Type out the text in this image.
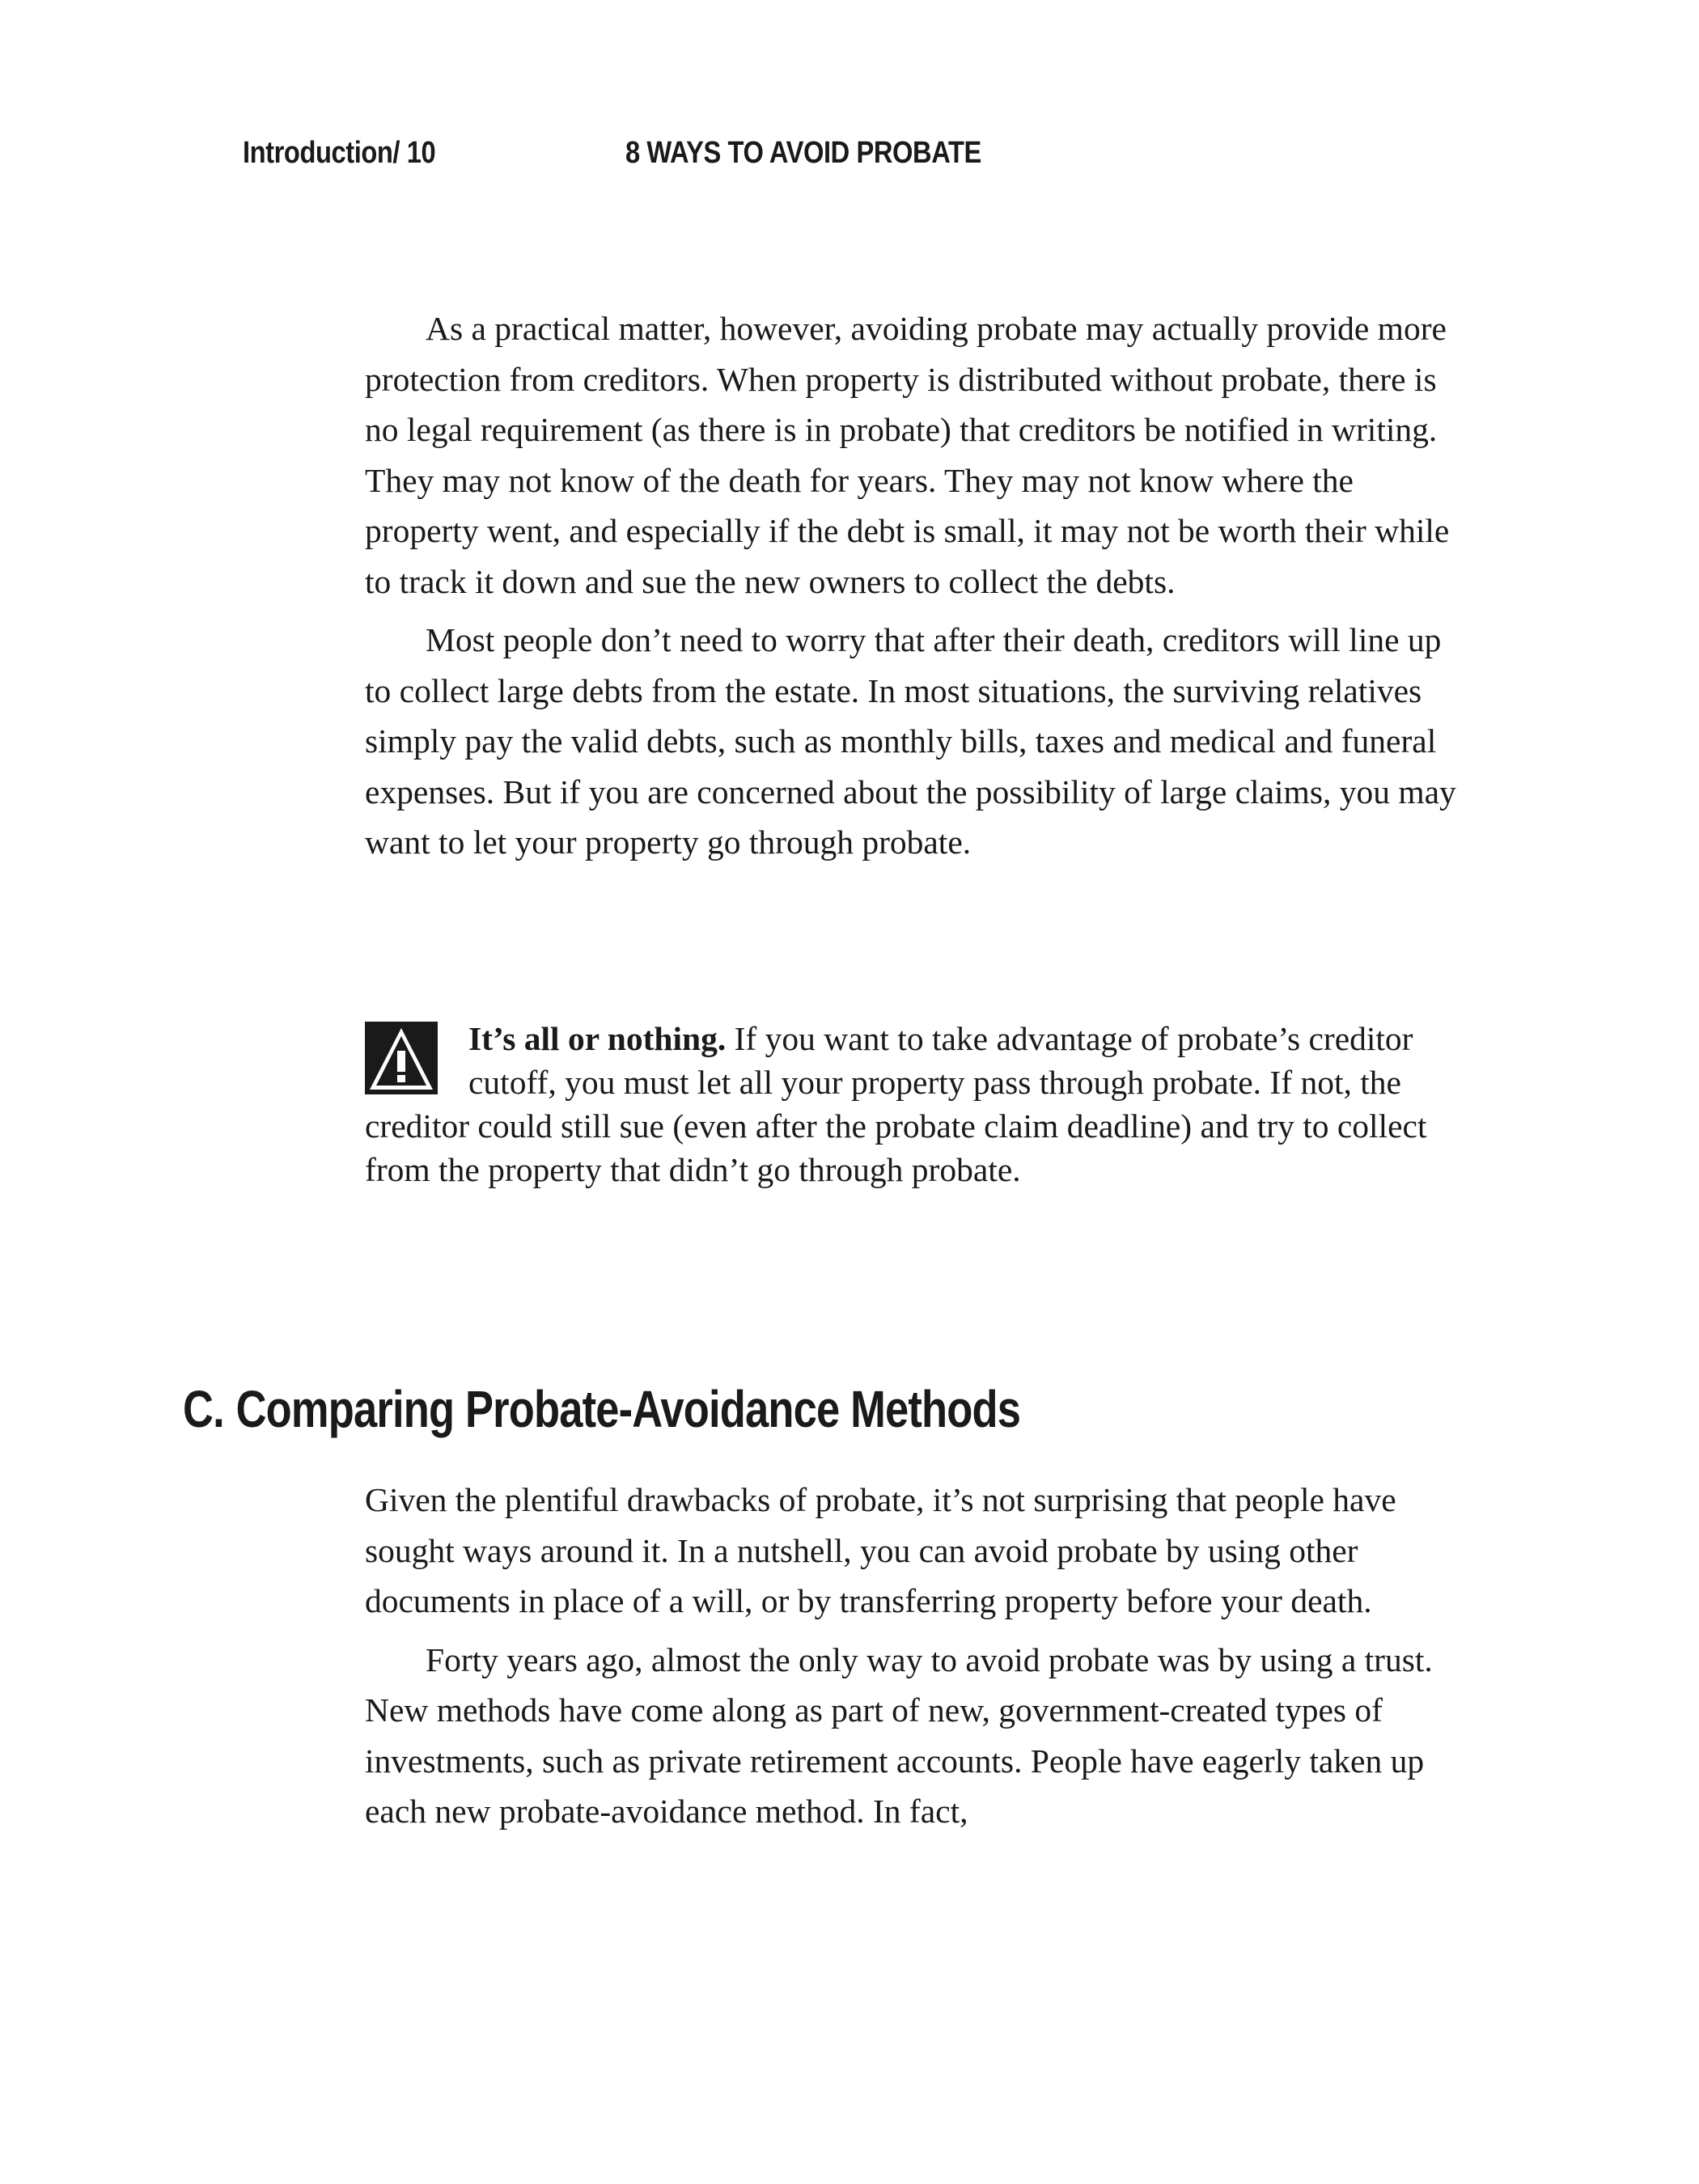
Introduction/ 10	8 WAYS TO AVOID PROBATE

As a practical matter, however, avoiding probate may actually provide more protection from creditors. When property is distributed without probate, there is no legal requirement (as there is in probate) that creditors be notified in writing. They may not know of the death for years. They may not know where the property went, and especially if the debt is small, it may not be worth their while to track it down and sue the new owners to collect the debts.

Most people don’t need to worry that after their death, creditors will line up to collect large debts from the estate. In most situations, the surviving relatives simply pay the valid debts, such as monthly bills, taxes and medical and funeral expenses. But if you are concerned about the possibility of large claims, you may want to let your property go through probate.

It’s all or nothing. If you want to take advantage of probate’s creditor cutoff, you must let all your property pass through probate. If not, the creditor could still sue (even after the probate claim deadline) and try to collect from the property that didn’t go through probate.
C. Comparing Probate-Avoidance Methods

Given the plentiful drawbacks of probate, it’s not surprising that people have sought ways around it. In a nutshell, you can avoid probate by using other documents in place of a will, or by transferring property before your death.

Forty years ago, almost the only way to avoid probate was by using a trust. New methods have come along as part of new, government-created types of investments, such as private retirement accounts. People have eagerly taken up each new probate-avoidance method. In fact,
